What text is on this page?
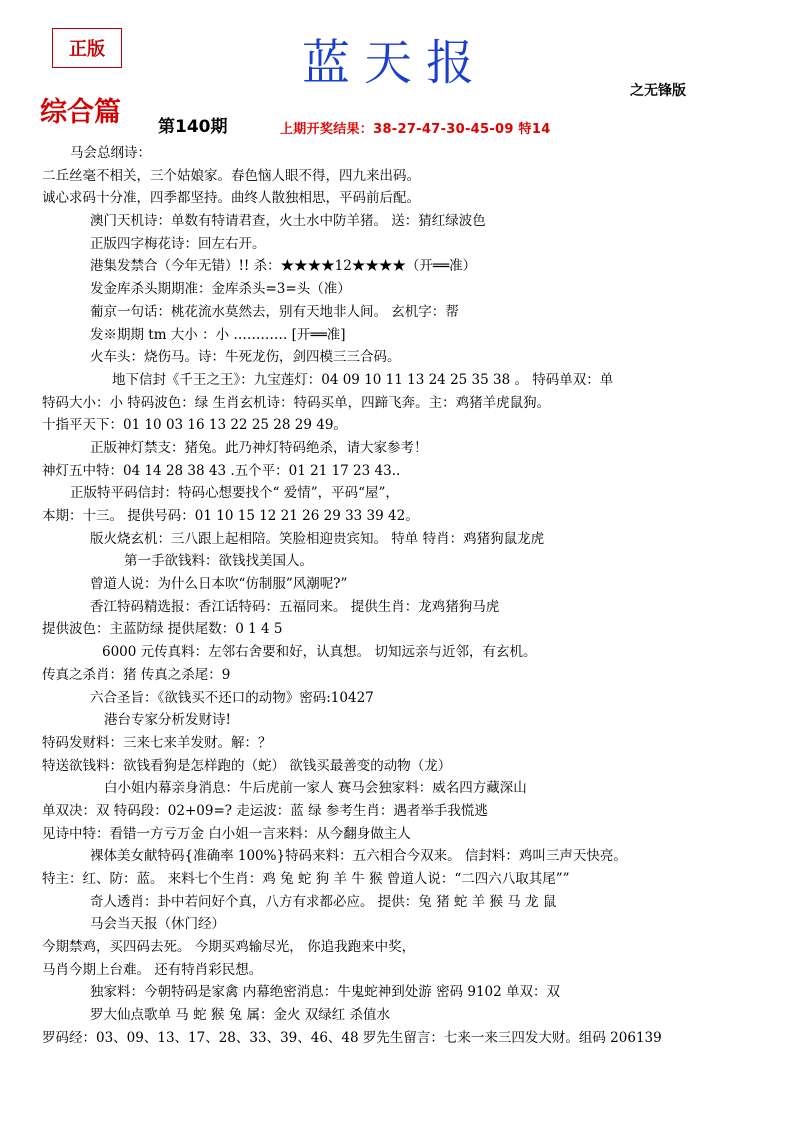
正版	蓝天报	之无锋版
综合篇 第140期	上期开奖结果：38-27-47-30-45-09 特14
马会总纲诗：
二丘丝毫不相关，三个姑娘家。春色恼人眼不得，四九来出码。
诚心求码十分准，四季都坚持。曲终人散独相思，平码前后配。
澳门天机诗：单数有特请君查，火土水中防羊猪。 送：猜红绿波色
正版四字梅花诗：回左右开。
港集发禁合（今年无错）!! 杀：★★★★12★★★★（开══准）
发金库杀头期期准：金库杀头=3=头（准）
葡京一句话：桃花流水莫然去，别有天地非人间。 玄机字：帮
发※期期 tm 大小 ：小 ………… [开══准]
火车头：烧伤马。诗：牛死龙伤，剑四模三三合码。
地下信封《千王之王》：九宝莲灯：04 09 10 11 13 24 25 35 38 。 特码单双：单
特码大小：小 特码波色：绿 生肖玄机诗：特码买单，四蹄飞奔。主：鸡猪羊虎鼠狗。
十指平天下：01 10 03 16 13 22 25 28 29 49。
正版神灯禁支：猪兔。此乃神灯特码绝杀，请大家参考！
神灯五中特：04 14 28 38 43 .五个平：01 21 17 23 43..
正版特平码信封：特码心想要找个“ 爱情”，平码“屋”，
本期：十三。 提供号码：01 10 15 12 21 26 29 33 39 42。
版火烧玄机：三八跟上起相陪。笑脸相迎贵宾知。 特单 特肖：鸡猪狗鼠龙虎
第一手欲钱料：欲钱找美国人。
曾道人说：为什么日本吹“仿制服”风潮呢?”
香江特码精选报：香江话特码：五福同来。 提供生肖：龙鸡猪狗马虎
提供波色：主蓝防绿 提供尾数：0 1 4 5
6000 元传真料：左邻右舍要和好，认真想。 切知远亲与近邻，有玄机。
传真之杀肖：猪 传真之杀尾：9
六合圣旨：《欲钱买不还口的动物》密码:10427
港台专家分析发财诗!
特码发财料：三来七来羊发财。解：？
特送欲钱料：欲钱看狗是怎样跑的（蛇） 欲钱买最善变的动物（龙）
白小姐内幕亲身消息：牛后虎前一家人 赛马会独家料：威名四方藏深山
单双决：双 特码段：02+09=? 走运波：蓝 绿 参考生肖：遇者举手我慌逃
见诗中特：看错一方亏万金 白小姐一言来料：从今翻身做主人
裸体美女献特码{准确率 100%}特码来料：五六相合今双来。 信封料：鸡叫三声天快亮。
特主：红、防：蓝。 来料七个生肖：鸡 兔 蛇 狗 羊 牛 猴 曾道人说：“二四六八取其尾””
奇人透肖：卦中若问好个真，八方有求都必应。 提供：兔 猪 蛇 羊 猴 马 龙 鼠
马会当天报（休门经）
今期禁鸡，买四码去死。 今期买鸡输尽光， 你追我跑来中奖，
马肖今期上台难。 还有特肖彩民想。
独家料：今朝特码是家禽 内幕绝密消息：牛鬼蛇神到处游 密码 9102 单双：双
罗大仙点歌单 马 蛇 猴 兔 属：金火 双绿红 杀值水
罗码经：03、09、13、17、28、33、39、46、48 罗先生留言：七来一来三四发大财。组码 206139
